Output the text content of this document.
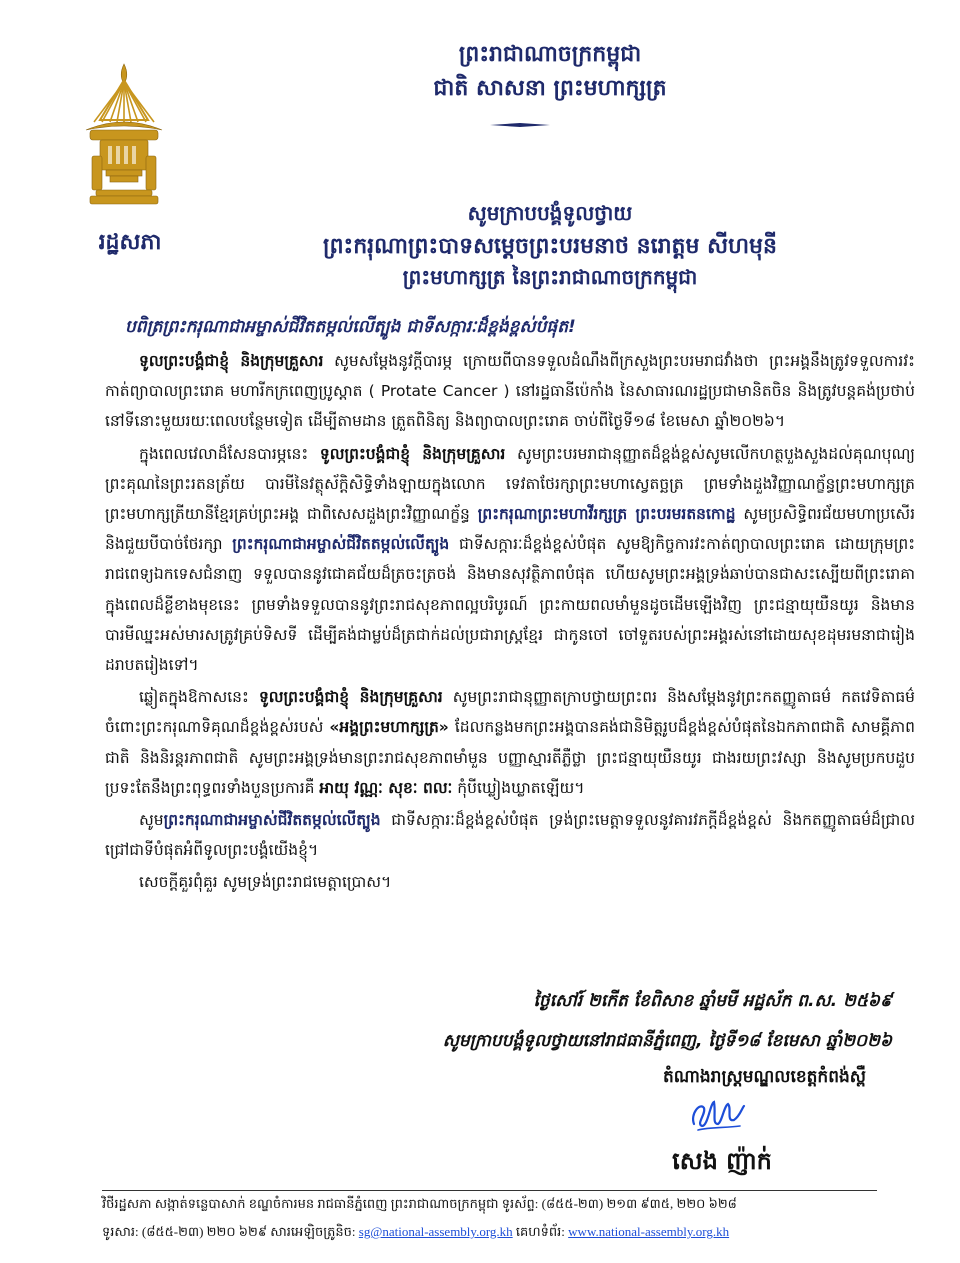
រដ្ឋសភា
ព្រះរាជាណាចក្រកម្ពុជា
ជាតិ សាសនា ព្រះមហាក្សត្រ
សូមក្រាបបង្គំទូលថ្វាយ
ព្រះករុណាព្រះបាទសម្តេចព្រះបរមនាថ នរោត្តម សីហមុនី
ព្រះមហាក្សត្រ នៃព្រះរាជាណាចក្រកម្ពុជា
បពិត្រព្រះករុណាជាអម្ចាស់ជីវិតតម្កល់លើត្បូង ជាទីសក្ការៈដ៏ខ្ពង់ខ្ពស់បំផុត!

ទូលព្រះបង្គំជាខ្ញុំ និងក្រុមគ្រួសារ សូមសម្តែងនូវក្តីបារម្ភ ក្រោយពីបានទទួលដំណឹងពីក្រសួងព្រះបរមរាជវាំងថា ព្រះអង្គនឹងត្រូវទទួលការវះកាត់ព្យាបាលព្រះរោគ មហារីកក្រពេញប្រូស្តាត ( Protate Cancer ) នៅរដ្ឋធានីប៉េកាំង នៃសាធារណរដ្ឋប្រជាមានិតចិន និងត្រូវបន្តគង់ប្រថាប់នៅទីនោះមួយរយៈពេលបន្ថែមទៀត ដើម្បីតាមដាន ត្រួតពិនិត្យ និងព្យាបាលព្រះរោគ ចាប់ពីថ្ងៃទី១៨ ខែមេសា ឆ្នាំ២០២៦។

ក្នុងពេលវេលាដ៏សែនបារម្ភនេះ ទូលព្រះបង្គំជាខ្ញុំ និងក្រុមគ្រួសារ សូមព្រះបរមរាជានុញ្ញាតដ៏ខ្ពង់ខ្ពស់សូមលើកហត្ថបួងសួងដល់គុណបុណ្យព្រះគុណនៃព្រះរតនត្រ័យ បារមីនៃវត្ថុស័ក្តិសិទ្ធិទាំងឡាយក្នុងលោក ទេវតាថែរក្សាព្រះមហាស្វេតច្ឆត្រ ព្រមទាំងដួងវិញ្ញាណក្ខ័ន្ធព្រះមហាក្សត្រ ព្រះមហាក្សត្រីយានីខ្មែរគ្រប់ព្រះអង្គ ជាពិសេសដួងព្រះវិញ្ញាណក្ខ័ន្ធ ព្រះករុណាព្រះមហាវីរក្សត្រ ព្រះបរមរតនកោដ្ឋ សូមប្រសិទ្ធិពរជ័យមហាប្រសើរនិងជួយបីបាច់ថែរក្សា ព្រះករុណាជាអម្ចាស់ជីវិតតម្កល់លើត្បូង ជាទីសក្ការៈដ៏ខ្ពង់ខ្ពស់បំផុត សូមឱ្យកិច្ចការវះកាត់ព្យាបាលព្រះរោគ ដោយក្រុមព្រះរាជពេទ្យឯកទេសជំនាញ ទទួលបាននូវជោគជ័យដ៏ត្រចះត្រចង់ និងមានសុវត្ថិភាពបំផុត ហើយសូមព្រះអង្គទ្រង់ឆាប់បានជាសះស្បើយពីព្រះរោគា ក្នុងពេលដ៏ខ្លីខាងមុខនេះ ព្រមទាំងទទួលបាននូវព្រះរាជសុខភាពល្អបរិបូរណ៍ ព្រះកាយពលមាំមួនដូចដើមឡើងវិញ ព្រះជន្មាយុយឺនយូរ និងមានបារមីឈ្នះអស់មារសត្រូវគ្រប់ទិសទី ដើម្បីគង់ជាម្លប់ដ៏ត្រជាក់ដល់ប្រជារាស្ត្រខ្មែរ ជាកូនចៅ ចៅទួតរបស់ព្រះអង្គរស់នៅដោយសុខដុមរមនាជារៀងដរាបតរៀងទៅ។

ឆ្លៀតក្នុងឱកាសនេះ ទូលព្រះបង្គំជាខ្ញុំ និងក្រុមគ្រួសារ សូមព្រះរាជានុញ្ញាតក្រាបថ្វាយព្រះពរ និងសម្តែងនូវព្រះកតញ្ញូតាធម៌ កតវេទិតាធម៌ ចំពោះព្រះករុណាទិគុណដ៏ខ្ពង់ខ្ពស់របស់ «អង្គព្រះមហាក្សត្រ» ដែលកន្លងមកព្រះអង្គបានគង់ជានិមិត្តរូបដ៏ខ្ពង់ខ្ពស់បំផុតនៃឯកភាពជាតិ សាមគ្គីភាពជាតិ និងនិរន្តរភាពជាតិ សូមព្រះអង្គទ្រង់មានព្រះរាជសុខភាពមាំមួន បញ្ញាស្មារតីភ្លឺថ្លា ព្រះជន្មាយុយឺនយូរ ជាងរយព្រះវស្សា និងសូមប្រកបដួបប្រទះតែនឹងព្រះពុទ្ធពរទាំងបួនប្រការគឺ អាយុ វណ្ណៈ សុខៈ ពលៈ កុំបីឃ្លៀងឃ្លាតឡើយ។

សូមព្រះករុណាជាអម្ចាស់ជីវិតតម្កល់លើត្បូង ជាទីសក្ការៈដ៏ខ្ពង់ខ្ពស់បំផុត ទ្រង់ព្រះមេត្តាទទួលនូវគារវភក្តីដ៏ខ្ពង់ខ្ពស់ និងកតញ្ញូតាធម៌ដ៏ជ្រាលជ្រៅជាទីបំផុតអំពីទូលព្រះបង្គំយើងខ្ញុំ។

សេចក្តីគួរពុំគួរ សូមទ្រង់ព្រះរាជមេត្តាប្រោស។

ថ្ងៃសៅរ៍ ២កើត ខែពិសាខ ឆ្នាំមមី អដ្ឋស័ក ព.ស. ២៥៦៩
សូមក្រាបបង្គំទូលថ្វាយនៅរាជធានីភ្នំពេញ, ថ្ងៃទី១៨ ខែមេសា ឆ្នាំ២០២៦
តំណាងរាស្ត្រមណ្ឌលខេត្តកំពង់ស្ពឺ
សេង ញ៉ាក់
វិថីរដ្ឋសភា សង្កាត់ទន្លេបាសាក់ ខណ្ឌចំការមន រាជធានីភ្នំពេញ ព្រះរាជាណាចក្រកម្ពុជា ទូរស័ព្ទ: (៨៥៥-២៣) ២១៣ ៩៣៥, ២២០ ៦២៨
ទូរសារ: (៨៥៥-២៣) ២២០ ៦២៩ សារអេឡិចត្រូនិច: sg@national-assembly.org.kh គេហទំព័រ: www.national-assembly.org.kh
